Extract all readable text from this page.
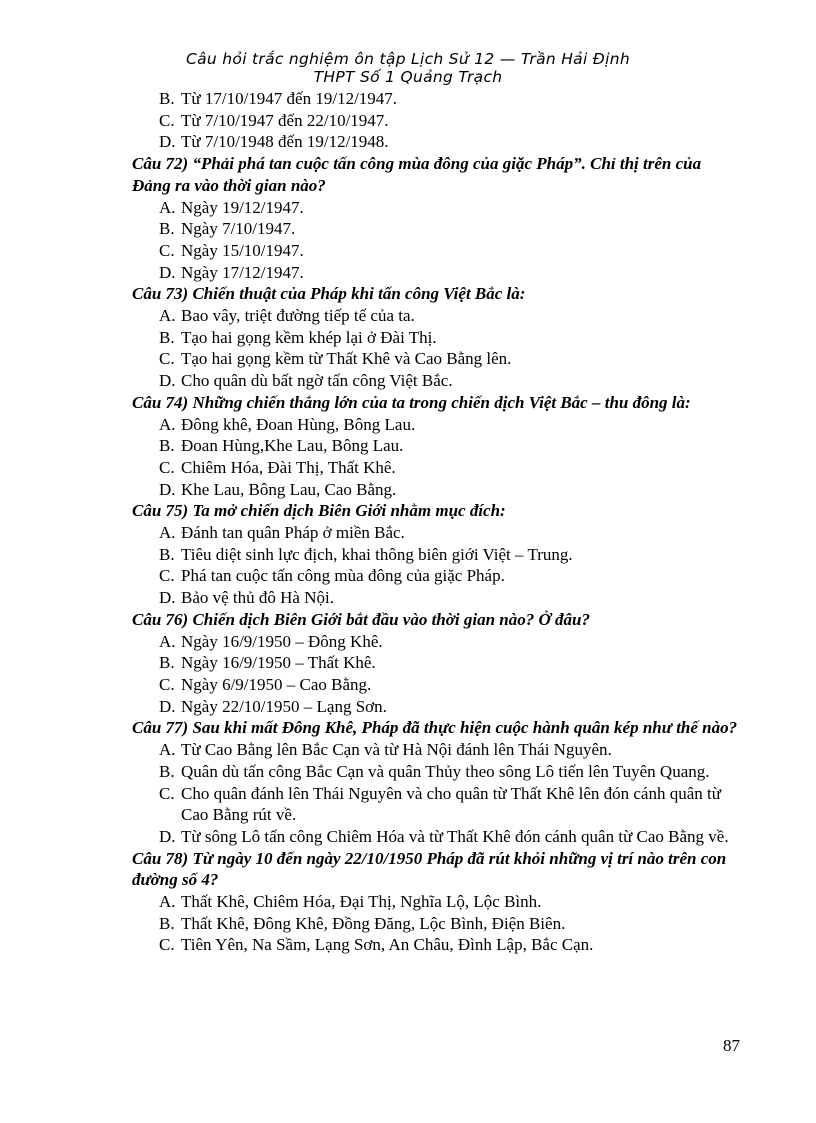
Câu hỏi trắc nghiệm ôn tập Lịch Sử 12 — Trần Hải Định
THPT Số 1 Quảng Trạch
B. Từ 17/10/1947 đến 19/12/1947.
C. Từ 7/10/1947 đến 22/10/1947.
D. Từ 7/10/1948 đến 19/12/1948.
Câu 72) “Phải phá tan cuộc tấn công mùa đông của giặc Pháp”. Chỉ thị trên của Đảng ra vào thời gian nào?
A. Ngày 19/12/1947.
B. Ngày 7/10/1947.
C. Ngày 15/10/1947.
D. Ngày 17/12/1947.
Câu 73) Chiến thuật của Pháp khi tấn công Việt Bắc là:
A. Bao vây, triệt đường tiếp tế của ta.
B. Tạo hai gọng kềm khép lại ở Đài Thị.
C. Tạo hai gọng kềm từ Thất Khê và Cao Bằng lên.
D. Cho quân dù bất ngờ tấn công Việt Bắc.
Câu 74) Những chiến thắng lớn của ta trong chiến dịch Việt Bắc – thu đông là:
A. Đông khê, Đoan Hùng, Bông Lau.
B. Đoan Hùng,Khe Lau, Bông Lau.
C. Chiêm Hóa, Đài Thị, Thất Khê.
D. Khe Lau, Bông Lau, Cao Bằng.
Câu 75) Ta mở chiến dịch Biên Giới nhằm mục đích:
A. Đánh tan quân Pháp ở miền Bắc.
B. Tiêu diệt sinh lực địch, khai thông biên giới Việt – Trung.
C. Phá tan cuộc tấn công mùa đông của giặc Pháp.
D. Bảo vệ thủ đô Hà Nội.
Câu 76) Chiến dịch Biên Giới bắt đầu vào thời gian nào? Ở đâu?
A. Ngày 16/9/1950 – Đông Khê.
B. Ngày 16/9/1950 – Thất Khê.
C. Ngày 6/9/1950 – Cao Bằng.
D. Ngày 22/10/1950 – Lạng Sơn.
Câu 77) Sau khi mất Đông Khê, Pháp đã thực hiện cuộc hành quân kép như thế nào?
A. Từ Cao Bằng lên Bắc Cạn và từ Hà Nội đánh lên Thái Nguyên.
B. Quân dù tấn công Bắc Cạn và quân Thủy theo sông Lô tiến lên Tuyên Quang.
C. Cho quân đánh lên Thái Nguyên và cho quân từ Thất Khê lên đón cánh quân từ Cao Bằng rút về.
D. Từ sông Lô tấn công Chiêm Hóa và từ Thất Khê đón cánh quân từ Cao Bằng về.
Câu 78) Từ ngày 10 đến ngày 22/10/1950 Pháp đã rút khỏi những vị trí nào trên con đường số 4?
A. Thất Khê, Chiêm Hóa, Đại Thị, Nghĩa Lộ, Lộc Bình.
B. Thất Khê, Đông Khê, Đồng Đăng, Lộc Bình, Điện Biên.
C. Tiên Yên, Na Sầm, Lạng Sơn, An Châu, Đình Lập, Bắc Cạn.
87
